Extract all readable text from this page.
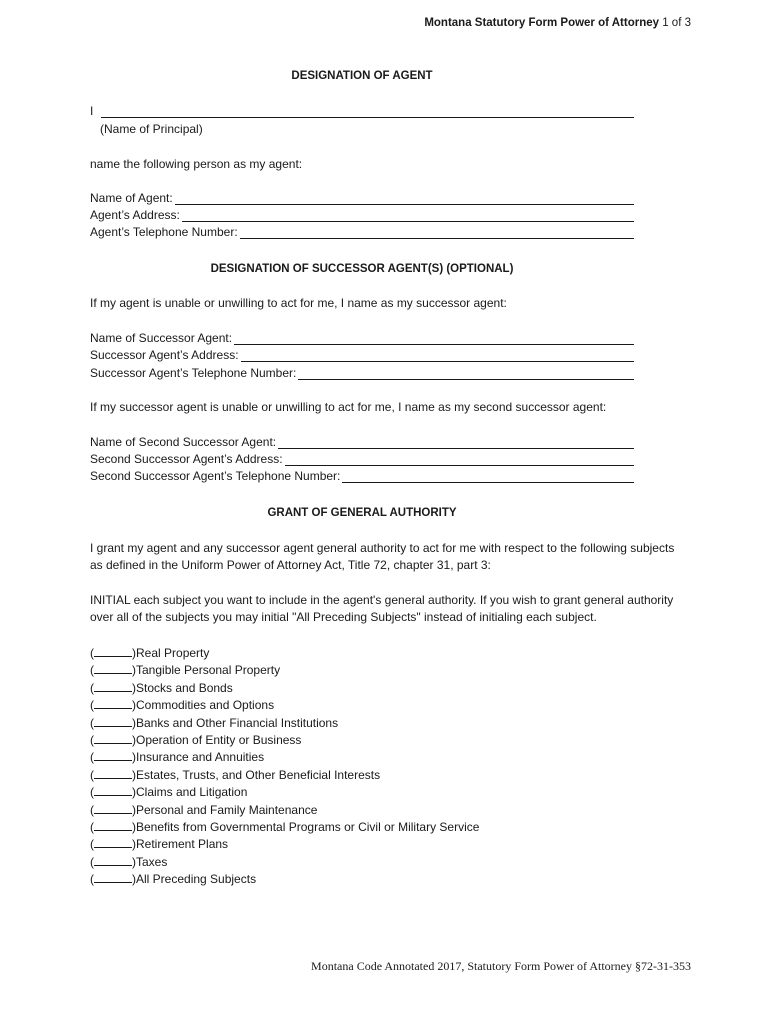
Montana Statutory Form Power of Attorney 1 of 3
DESIGNATION OF AGENT
I
(Name of Principal)
name the following person as my agent:
Name of Agent:
Agent’s Address:
Agent’s Telephone Number:
DESIGNATION OF SUCCESSOR AGENT(S) (OPTIONAL)
If my agent is unable or unwilling to act for me, I name as my successor agent:
Name of Successor Agent:
Successor Agent’s Address:
Successor Agent’s Telephone Number:
If my successor agent is unable or unwilling to act for me, I name as my second successor agent:
Name of Second Successor Agent:
Second Successor Agent’s Address:
Second Successor Agent’s Telephone Number:
GRANT OF GENERAL AUTHORITY
I grant my agent and any successor agent general authority to act for me with respect to the following subjects as defined in the Uniform Power of Attorney Act, Title 72, chapter 31, part 3:
INITIAL each subject you want to include in the agent's general authority. If you wish to grant general authority over all of the subjects you may initial "All Preceding Subjects" instead of initialing each subject.
(	)Real Property
(	)Tangible Personal Property
(	)Stocks and Bonds
(	)Commodities and Options
(	)Banks and Other Financial Institutions
(	)Operation of Entity or Business
(	)Insurance and Annuities
(	)Estates, Trusts, and Other Beneficial Interests
(	)Claims and Litigation
(	)Personal and Family Maintenance
(	)Benefits from Governmental Programs or Civil or Military Service
(	)Retirement Plans
(	)Taxes
(	)All Preceding Subjects
Montana Code Annotated 2017, Statutory Form Power of Attorney §72-31-353
